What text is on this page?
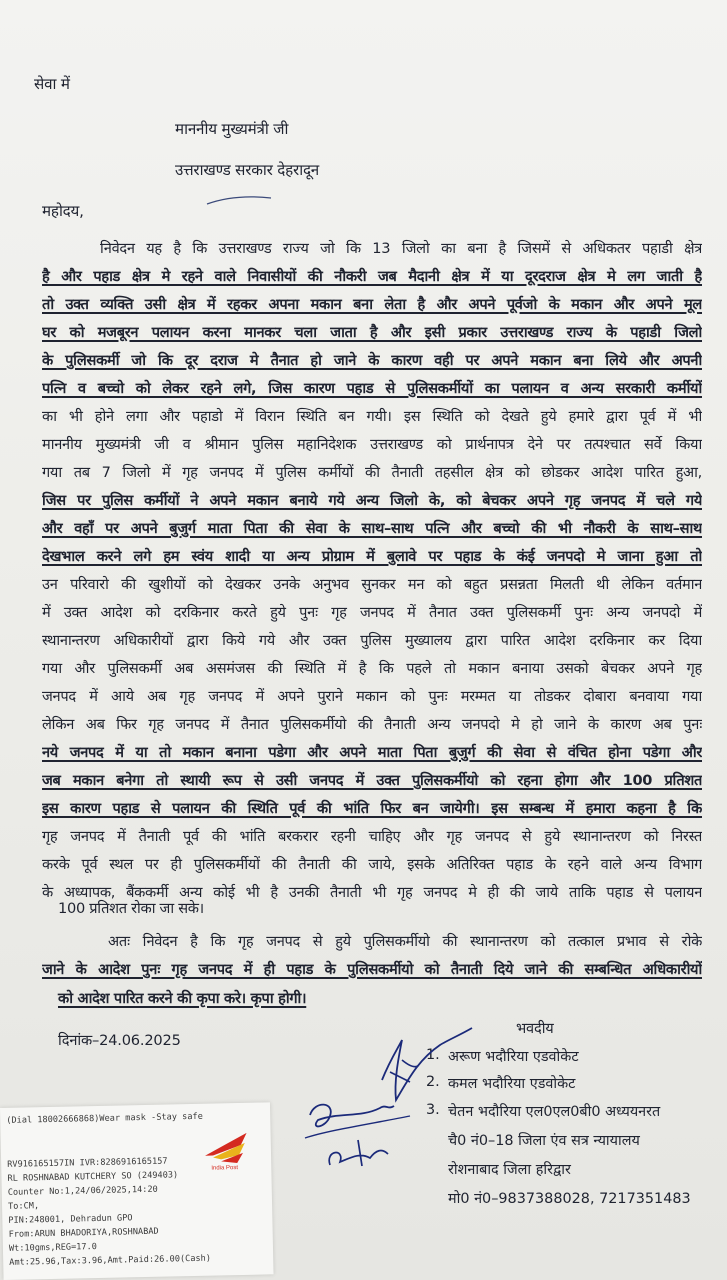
सेवा में
माननीय मुख्यमंत्री जी
उत्तराखण्ड सरकार देहरादून
महोदय,
निवेदन यह है कि उत्तराखण्ड राज्य जो कि 13 जिलो का बना है जिसमें से अधिकतर पहाडी क्षेत्र
है और पहाड क्षेत्र मे रहने वाले निवासीयों की नौकरी जब मैदानी क्षेत्र में या दूरदराज क्षेत्र मे लग जाती है
तो उक्त व्यक्ति उसी क्षेत्र में रहकर अपना मकान बना लेता है और अपने पूर्वजो के मकान और अपने मूल
घर को मजबूरन पलायन करना मानकर चला जाता है और इसी प्रकार उत्तराखण्ड राज्य के पहाडी जिलो
के पुलिसकर्मी जो कि दूर दराज मे तैनात हो जाने के कारण वही पर अपने मकान बना लिये और अपनी
पत्नि व बच्चो को लेकर रहने लगे, जिस कारण पहाड से पुलिसकर्मीयों का पलायन व अन्य सरकारी कर्मीयों
का भी होने लगा और पहाडो में विरान स्थिति बन गयी। इस स्थिति को देखते हुये हमारे द्वारा पूर्व में भी
माननीय मुख्यमंत्री जी व श्रीमान पुलिस महानिदेशक उत्तराखण्ड को प्रार्थनापत्र देने पर तत्पश्चात सर्वे किया
गया तब 7 जिलो में गृह जनपद में पुलिस कर्मीयों की तैनाती तहसील क्षेत्र को छोडकर आदेश पारित हुआ,
जिस पर पुलिस कर्मीयों ने अपने मकान बनाये गये अन्य जिलो के, को बेचकर अपने गृह जनपद में चले गये
और वहाँ पर अपने बुजुर्ग माता पिता की सेवा के साथ–साथ पत्नि और बच्चो की भी नौकरी के साथ–साथ
देखभाल करने लगे हम स्वंय शादी या अन्य प्रोग्राम में बुलावे पर पहाड के कंई जनपदो मे जाना हुआ तो
उन परिवारो की खुशीयों को देखकर उनके अनुभव सुनकर मन को बहुत प्रसन्नता मिलती थी लेकिन वर्तमान
में उक्त आदेश को दरकिनार करते हुये पुनः गृह जनपद में तैनात उक्त पुलिसकर्मी पुनः अन्य जनपदो में
स्थानान्तरण अधिकारीयों द्वारा किये गये और उक्त पुलिस मुख्यालय द्वारा पारित आदेश दरकिनार कर दिया
गया और पुलिसकर्मी अब असमंजस की स्थिति में है कि पहले तो मकान बनाया उसको बेचकर अपने गृह
जनपद में आये अब गृह जनपद में अपने पुराने मकान को पुनः मरम्मत या तोडकर दोबारा बनवाया गया
लेकिन अब फिर गृह जनपद में तैनात पुलिसकर्मीयो की तैनाती अन्य जनपदो मे हो जाने के कारण अब पुनः
नये जनपद में या तो मकान बनाना पडेगा और अपने माता पिता बुजुर्ग की सेवा से वंचित होना पडेगा और
जब मकान बनेगा तो स्थायी रूप से उसी जनपद में उक्त पुलिसकर्मीयो को रहना होगा और 100 प्रतिशत
इस कारण पहाड से पलायन की स्थिति पूर्व की भांति फिर बन जायेगी। इस सम्बन्ध में हमारा कहना है कि
गृह जनपद में तैनाती पूर्व की भांति बरकरार रहनी चाहिए और गृह जनपद से हुये स्थानान्तरण को निरस्त
करके पूर्व स्थल पर ही पुलिसकर्मीयों की तैनाती की जाये, इसके अतिरिक्त पहाड के रहने वाले अन्य विभाग
के अध्यापक, बैंककर्मी अन्य कोई भी है उनकी तैनाती भी गृह जनपद मे ही की जाये ताकि पहाड से पलायन
100 प्रतिशत रोका जा सके।
अतः निवेदन है कि गृह जनपद से हुये पुलिसकर्मीयो की स्थानान्तरण को तत्काल प्रभाव से रोके
जाने के आदेश पुनः गृह जनपद में ही पहाड के पुलिसकर्मीयो को तैनाती दिये जाने की सम्बन्धित अधिकारीयों
को आदेश पारित करने की कृपा करे। कृपा होगी।
दिनांक–24.06.2025
भवदीय
1. अरूण भदौरिया एडवोकेट
2. कमल भदौरिया एडवोकेट
3. चेतन भदौरिया एल0एल0बी0 अध्ययनरत
चै0 नं0–18 जिला एंव सत्र न्यायालय
रोशनाबाद जिला हरिद्वार
मो0 नं0–9837388028, 7217351483
(Dial 18002666868)Wear mask -Stay safe
RV916165157IN IVR:8286916165157
RL ROSHNABAD KUTCHERY SO (249403)
Counter No:1,24/06/2025,14:20
To:CM,
PIN:248001, Dehradun GPO
From:ARUN BHADORIYA,ROSHNABAD
Wt:10gms,REG=17.0
Amt:25.96,Tax:3.96,Amt.Paid:26.00(Cash)
India Post
